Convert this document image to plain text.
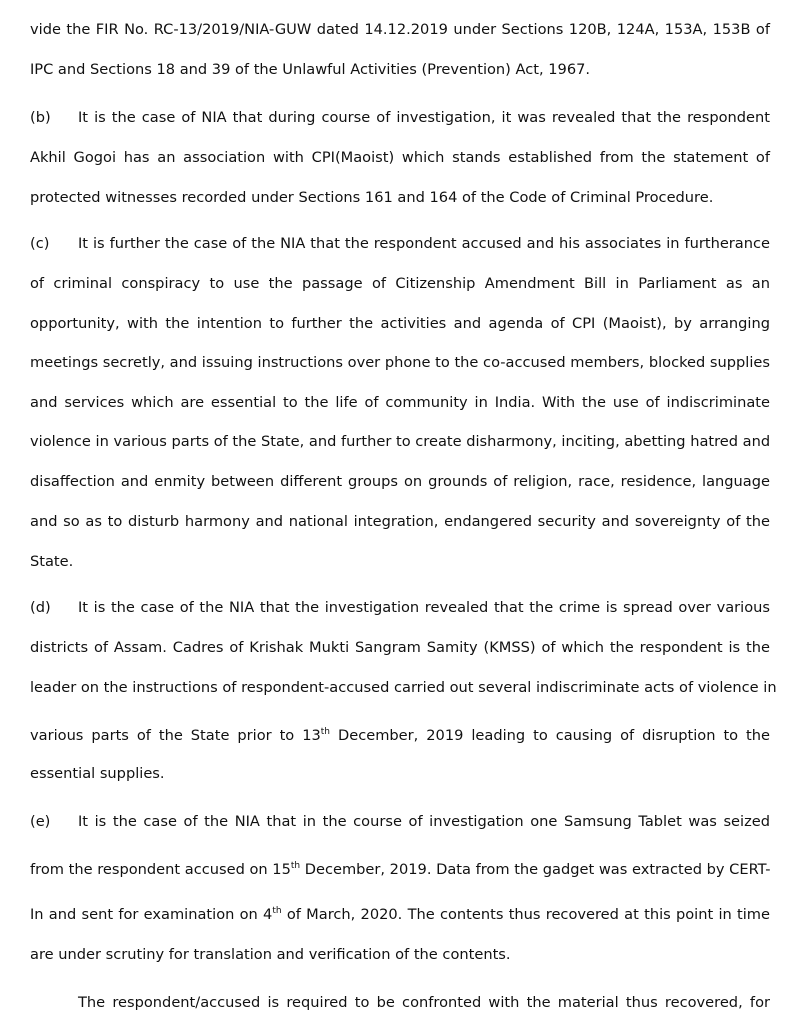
vide the FIR No. RC-13/2019/NIA-GUW dated 14.12.2019 under Sections 120B, 124A, 153A, 153B of
IPC and Sections 18 and 39 of the Unlawful Activities (Prevention) Act, 1967.
(b) It is the case of NIA that during course of investigation, it was revealed that the respondent
Akhil Gogoi has an association with CPI(Maoist) which stands established from the statement of
protected witnesses recorded under Sections 161 and 164 of the Code of Criminal Procedure.
(c) It is further the case of the NIA that the respondent accused and his associates in furtherance
of criminal conspiracy to use the passage of Citizenship Amendment Bill in Parliament as an
opportunity, with the intention to further the activities and agenda of CPI (Maoist), by arranging
meetings secretly, and issuing instructions over phone to the co-accused members, blocked supplies
and services which are essential to the life of community in India. With the use of indiscriminate
violence in various parts of the State, and further to create disharmony, inciting, abetting hatred and
disaffection and enmity between different groups on grounds of religion, race, residence, language
and so as to disturb harmony and national integration, endangered security and sovereignty of the
State.
(d) It is the case of the NIA that the investigation revealed that the crime is spread over various
districts of Assam. Cadres of Krishak Mukti Sangram Samity (KMSS) of which the respondent is the
leader on the instructions of respondent-accused carried out several indiscriminate acts of violence in
various parts of the State prior to 13th December, 2019 leading to causing of disruption to the
essential supplies.
(e) It is the case of the NIA that in the course of investigation one Samsung Tablet was seized
from the respondent accused on 15th December, 2019. Data from the gadget was extracted by CERT-
In and sent for examination on 4th of March, 2020. The contents thus recovered at this point in time
are under scrutiny for translation and verification of the contents.
The respondent/accused is required to be confronted with the material thus recovered, for
